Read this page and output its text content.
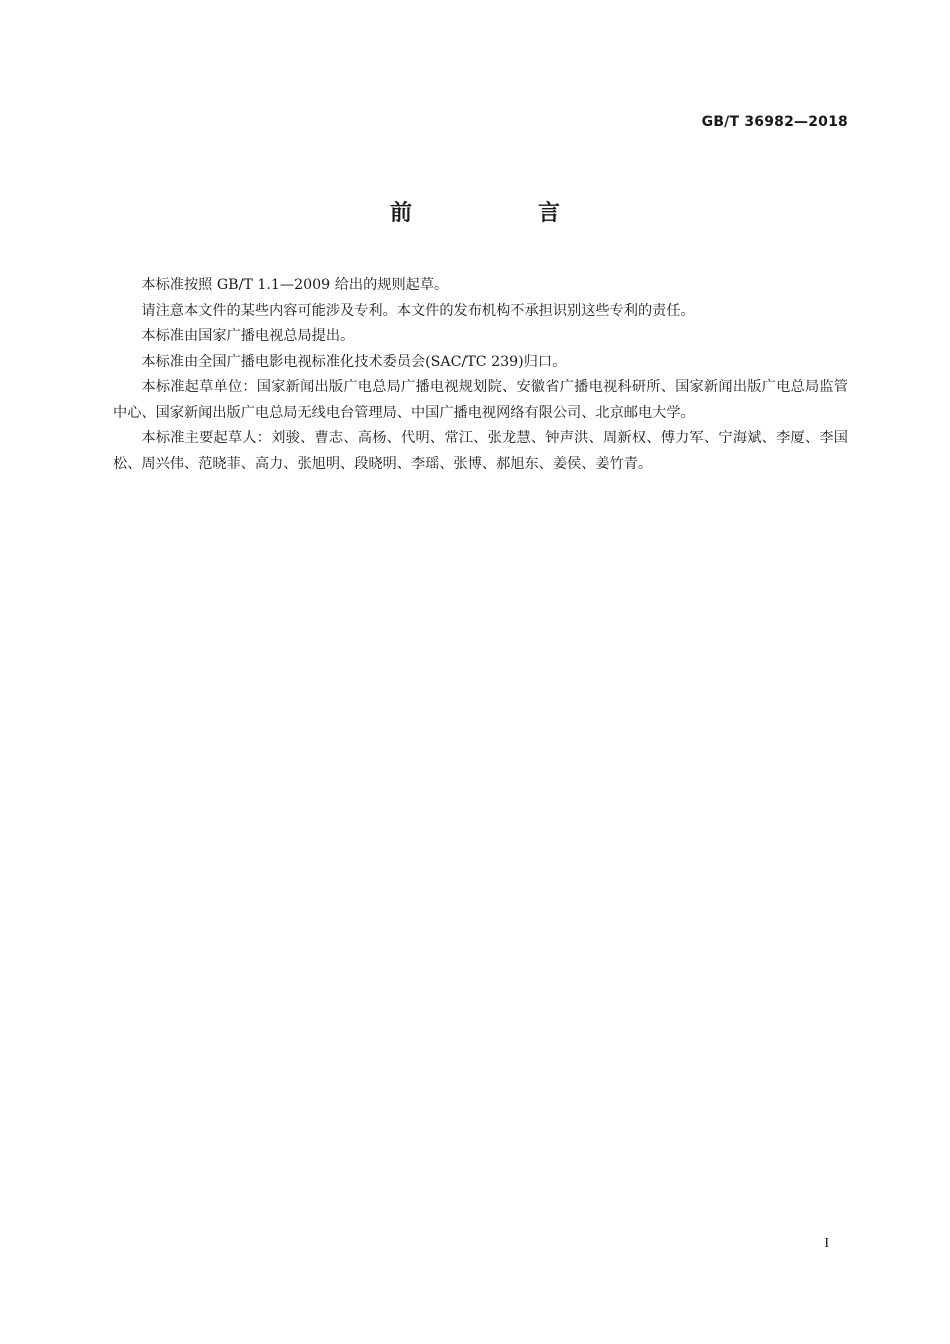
GB/T 36982—2018
前　言

本标准按照 GB/T 1.1—2009 给出的规则起草。

请注意本文件的某些内容可能涉及专利。本文件的发布机构不承担识别这些专利的责任。

本标准由国家广播电视总局提出。

本标准由全国广播电影电视标准化技术委员会(SAC/TC 239)归口。

本标准起草单位：国家新闻出版广电总局广播电视规划院、安徽省广播电视科研所、国家新闻出版广电总局监管中心、国家新闻出版广电总局无线电台管理局、中国广播电视网络有限公司、北京邮电大学。

本标准主要起草人：刘骏、曹志、高杨、代明、常江、张龙慧、钟声洪、周新权、傅力军、宁海斌、李厦、李国松、周兴伟、范晓菲、高力、张旭明、段晓明、李瑶、张博、郝旭东、姜侯、姜竹青。

I
